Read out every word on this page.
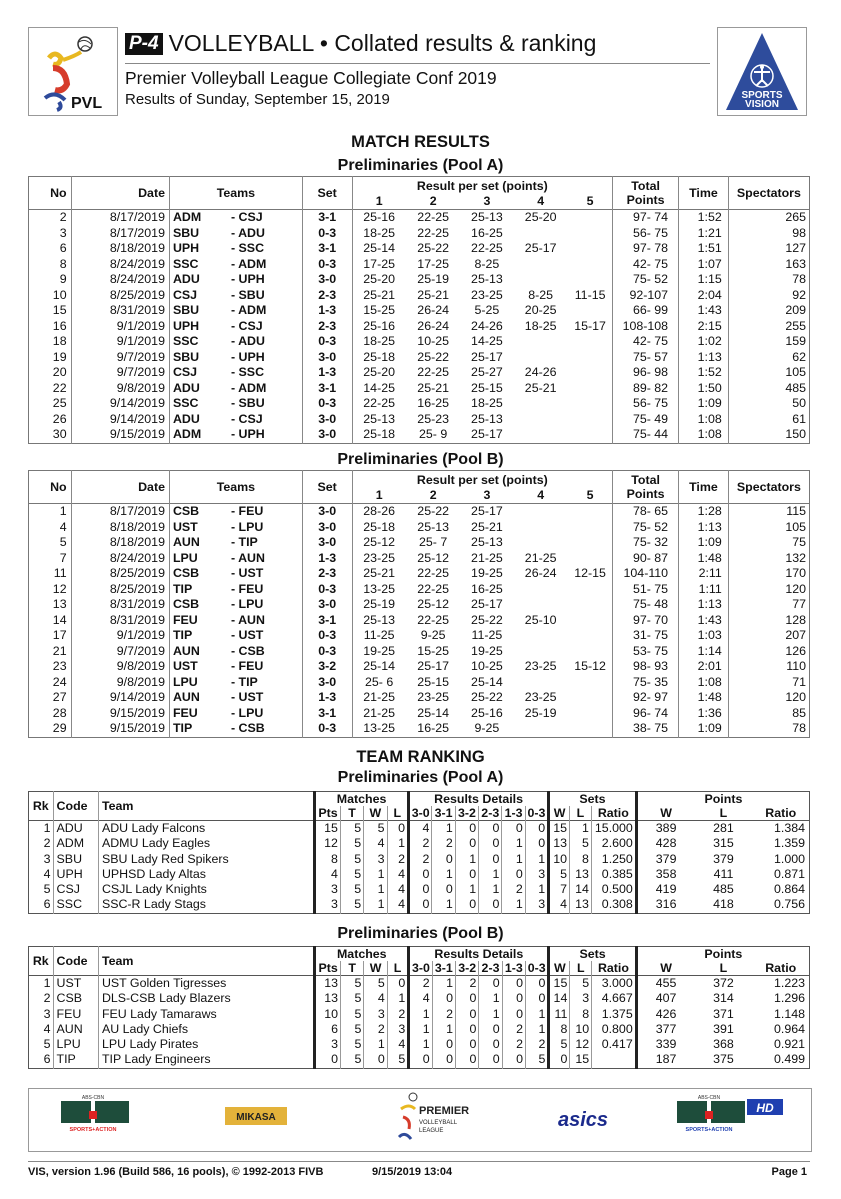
PVL
P-4 VOLLEYBALL • Collated results & ranking
Premier Volleyball League Collegiate Conf 2019
Results of Sunday, September 15, 2019	SPORTS
VISION
MATCH RESULTS
Preliminaries (Pool A)
No	Date	Teams	Set	Result per set (points)					Total	Time	Spectators
				1	2	3	4	5	Points		
2	8/17/2019	ADM - CSJ	3-1	25-16	22-25	25-13	25-20		97- 74	1:52	265
3	8/17/2019	SBU - ADU	0-3	18-25	22-25	16-25			56- 75	1:21	98
6	8/18/2019	UPH - SSC	3-1	25-14	25-22	22-25	25-17		97- 78	1:51	127
8	8/24/2019	SSC - ADM	0-3	17-25	17-25	8-25			42- 75	1:07	163
9	8/24/2019	ADU - UPH	3-0	25-20	25-19	25-13			75- 52	1:15	78
10	8/25/2019	CSJ - SBU	2-3	25-21	25-21	23-25	8-25	11-15	92-107	2:04	92
15	8/31/2019	SBU - ADM	1-3	15-25	26-24	5-25	20-25		66- 99	1:43	209
16	9/1/2019	UPH - CSJ	2-3	25-16	26-24	24-26	18-25	15-17	108-108	2:15	255
18	9/1/2019	SSC - ADU	0-3	18-25	10-25	14-25			42- 75	1:02	159
19	9/7/2019	SBU - UPH	3-0	25-18	25-22	25-17			75- 57	1:13	62
20	9/7/2019	CSJ - SSC	1-3	25-20	22-25	25-27	24-26		96- 98	1:52	105
22	9/8/2019	ADU - ADM	3-1	14-25	25-21	25-15	25-21		89- 82	1:50	485
25	9/14/2019	SSC - SBU	0-3	22-25	16-25	18-25			56- 75	1:09	50
26	9/14/2019	ADU - CSJ	3-0	25-13	25-23	25-13			75- 49	1:08	61
30	9/15/2019	ADM - UPH	3-0	25-18	25- 9	25-17			75- 44	1:08	150
Preliminaries (Pool B)
No	Date	Teams	Set	Result per set (points)					Total	Time	Spectators
				1	2	3	4	5	Points		
1	8/17/2019	CSB - FEU	3-0	28-26	25-22	25-17			78- 65	1:28	115
4	8/18/2019	UST - LPU	3-0	25-18	25-13	25-21			75- 52	1:13	105
5	8/18/2019	AUN - TIP	3-0	25-12	25- 7	25-13			75- 32	1:09	75
7	8/24/2019	LPU - AUN	1-3	23-25	25-12	21-25	21-25		90- 87	1:48	132
11	8/25/2019	CSB - UST	2-3	25-21	22-25	19-25	26-24	12-15	104-110	2:11	170
12	8/25/2019	TIP - FEU	0-3	13-25	22-25	16-25			51- 75	1:11	120
13	8/31/2019	CSB - LPU	3-0	25-19	25-12	25-17			75- 48	1:13	77
14	8/31/2019	FEU - AUN	3-1	25-13	22-25	25-22	25-10		97- 70	1:43	128
17	9/1/2019	TIP - UST	0-3	11-25	9-25	11-25			31- 75	1:03	207
21	9/7/2019	AUN - CSB	0-3	19-25	15-25	19-25			53- 75	1:14	126
23	9/8/2019	UST - FEU	3-2	25-14	25-17	10-25	23-25	15-12	98- 93	2:01	110
24	9/8/2019	LPU - TIP	3-0	25- 6	25-15	25-14			75- 35	1:08	71
27	9/14/2019	AUN - UST	1-3	21-25	23-25	25-22	23-25		92- 97	1:48	120
28	9/15/2019	FEU - LPU	3-1	21-25	25-14	25-16	25-19		96- 74	1:36	85
29	9/15/2019	TIP - CSB	0-3	13-25	16-25	9-25			38- 75	1:09	78
TEAM RANKING
Preliminaries (Pool A)
Rk	Code	Team	Matches				Results Details						Sets			Points		
			Pts	T	W	L	3-0	3-1	3-2	2-3	1-3	0-3	W	L	Ratio	W	L	Ratio
1	ADU	ADU Lady Falcons	15	5	5	0	4	1	0	0	0	0	15	1	15.000	389	281	1.384
2	ADM	ADMU Lady Eagles	12	5	4	1	2	2	0	0	1	0	13	5	2.600	428	315	1.359
3	SBU	SBU Lady Red Spikers	8	5	3	2	2	0	1	0	1	1	10	8	1.250	379	379	1.000
4	UPH	UPHSD Lady Altas	4	5	1	4	0	1	0	1	0	3	5	13	0.385	358	411	0.871
5	CSJ	CSJL Lady Knights	3	5	1	4	0	0	1	1	2	1	7	14	0.500	419	485	0.864
6	SSC	SSC-R Lady Stags	3	5	1	4	0	1	0	0	1	3	4	13	0.308	316	418	0.756
Preliminaries (Pool B)
Rk	Code	Team	Matches				Results Details						Sets			Points		
			Pts	T	W	L	3-0	3-1	3-2	2-3	1-3	0-3	W	L	Ratio	W	L	Ratio
1	UST	UST Golden Tigresses	13	5	5	0	2	1	2	0	0	0	15	5	3.000	455	372	1.223
2	CSB	DLS-CSB Lady Blazers	13	5	4	1	4	0	0	1	0	0	14	3	4.667	407	314	1.296
3	FEU	FEU Lady Tamaraws	10	5	3	2	1	2	0	1	0	1	11	8	1.375	426	371	1.148
4	AUN	AU Lady Chiefs	6	5	2	3	1	1	0	0	2	1	8	10	0.800	377	391	0.964
5	LPU	LPU Lady Pirates	3	5	1	4	1	0	0	0	2	2	5	12	0.417	339	368	0.921
6	TIP	TIP Lady Engineers	0	5	0	5	0	0	0	0	0	5	0	15		187	375	0.499
ABS-CBN
SPORTS+ACTION
MIKASA
PREMIER
VOLLEYBALL
LEAGUE	asics
ABS-CBN
HD
SPORTS+ACTION
VIS, version 1.96 (Build 586, 16 pools), © 1992-2013 FIVB	9/15/2019 13:04	Page 1
